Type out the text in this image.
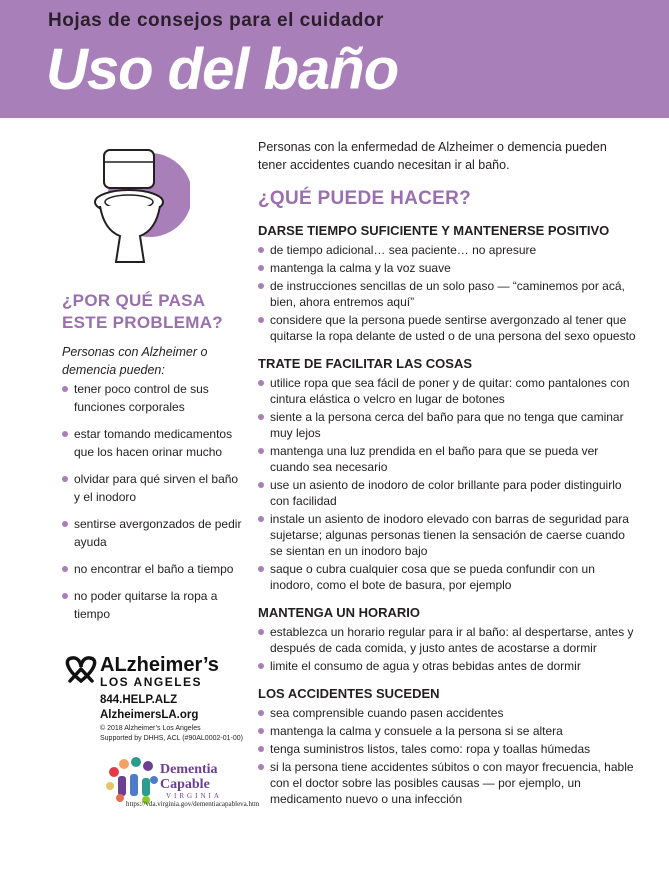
Hojas de consejos para el cuidador
Uso del baño
¿POR QUÉ PASA ESTE PROBLEMA?
Personas con Alzheimer o demencia pueden:
tener poco control de sus funciones corporales
estar tomando medicamentos que los hacen orinar mucho
olvidar para qué sirven el baño y el inodoro
sentirse avergonzados de pedir ayuda
no encontrar el baño a tiempo
no poder quitarse la ropa a tiempo
ALzheimer’s
LOS ANGELES
844.HELP.ALZ
AlzheimersLA.org
© 2018 Alzheimer’s Los Angeles
Supported by DHHS, ACL (#90AL0002-01-00)
Dementia
Capable
VIRGINIA
https://vda.virginia.gov/dementiacapableva.htm

Personas con la enfermedad de Alzheimer o demencia pueden tener accidentes cuando necesitan ir al baño.

¿QUÉ PUEDE HACER?
DARSE TIEMPO SUFICIENTE Y MANTENERSE POSITIVO
de tiempo adicional… sea paciente… no apresure
mantenga la calma y la voz suave
de instrucciones sencillas de un solo paso — “caminemos por acá, bien, ahora entremos aquí”
considere que la persona puede sentirse avergonzado al tener que quitarse la ropa delante de usted o de una persona del sexo opuesto
TRATE DE FACILITAR LAS COSAS
utilice ropa que sea fácil de poner y de quitar: como pantalones con cintura elástica o velcro en lugar de botones
siente a la persona cerca del baño para que no tenga que caminar muy lejos
mantenga una luz prendida en el baño para que se pueda ver cuando sea necesario
use un asiento de inodoro de color brillante para poder distinguirlo con facilidad
instale un asiento de inodoro elevado con barras de seguridad para sujetarse; algunas personas tienen la sensación de caerse cuando se sientan en un inodoro bajo
saque o cubra cualquier cosa que se pueda confundir con un inodoro, como el bote de basura, por ejemplo
MANTENGA UN HORARIO
establezca un horario regular para ir al baño: al despertarse, antes y después de cada comida, y justo antes de acostarse a dormir
limite el consumo de agua y otras bebidas antes de dormir
LOS ACCIDENTES SUCEDEN
sea comprensible cuando pasen accidentes
mantenga la calma y consuele a la persona si se altera
tenga suministros listos, tales como: ropa y toallas húmedas
si la persona tiene accidentes súbitos o con mayor frecuencia, hable con el doctor sobre las posibles causas — por ejemplo, un medicamento nuevo o una infección
